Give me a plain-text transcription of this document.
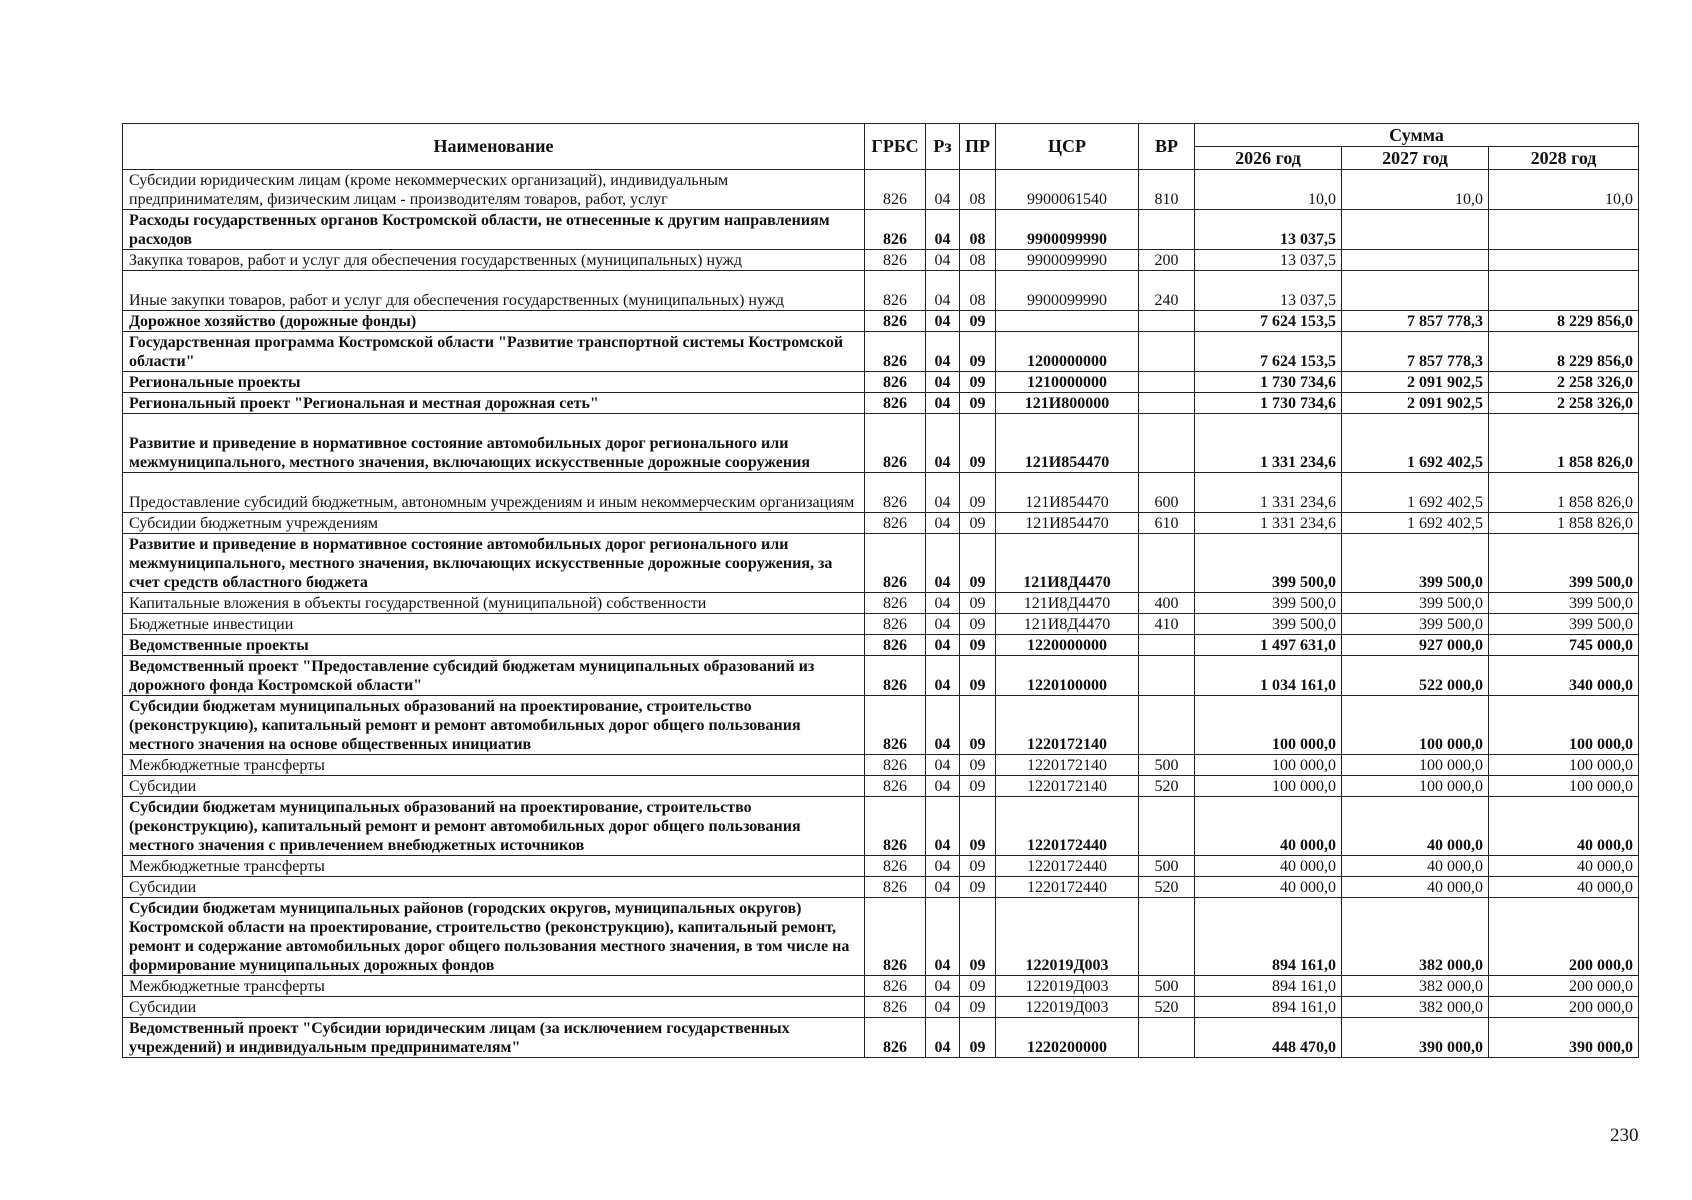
Наименование	ГРБС	Рз	ПР	ЦСР	ВР	Сумма		
						2026 год	2027 год	2028 год
Субсидии юридическим лицам (кроме некоммерческих организаций), индивидуальным предпринимателям, физическим лицам - производителям товаров, работ, услуг	826	04	08	9900061540	810	10,0	10,0	10,0
Расходы государственных органов Костромской области, не отнесенные к другим направлениям расходов	826	04	08	9900099990		13 037,5		
Закупка товаров, работ и услуг для обеспечения государственных (муниципальных) нужд	826	04	08	9900099990	200	13 037,5		
Иные закупки товаров, работ и услуг для обеспечения государственных (муниципальных) нужд	826	04	08	9900099990	240	13 037,5		
Дорожное хозяйство (дорожные фонды)	826	04	09			7 624 153,5	7 857 778,3	8 229 856,0
Государственная программа Костромской области "Развитие транспортной системы Костромской области"	826	04	09	1200000000		7 624 153,5	7 857 778,3	8 229 856,0
Региональные проекты	826	04	09	1210000000		1 730 734,6	2 091 902,5	2 258 326,0
Региональный проект "Региональная и местная дорожная сеть"	826	04	09	121И800000		1 730 734,6	2 091 902,5	2 258 326,0
Развитие и приведение в нормативное состояние автомобильных дорог регионального или межмуниципального, местного значения, включающих искусственные дорожные сооружения	826	04	09	121И854470		1 331 234,6	1 692 402,5	1 858 826,0
Предоставление субсидий бюджетным, автономным учреждениям и иным некоммерческим организациям	826	04	09	121И854470	600	1 331 234,6	1 692 402,5	1 858 826,0
Субсидии бюджетным учреждениям	826	04	09	121И854470	610	1 331 234,6	1 692 402,5	1 858 826,0
Развитие и приведение в нормативное состояние автомобильных дорог регионального или межмуниципального, местного значения, включающих искусственные дорожные сооружения, за счет средств областного бюджета	826	04	09	121И8Д4470		399 500,0	399 500,0	399 500,0
Капитальные вложения в объекты государственной (муниципальной) собственности	826	04	09	121И8Д4470	400	399 500,0	399 500,0	399 500,0
Бюджетные инвестиции	826	04	09	121И8Д4470	410	399 500,0	399 500,0	399 500,0
Ведомственные проекты	826	04	09	1220000000		1 497 631,0	927 000,0	745 000,0
Ведомственный проект "Предоставление субсидий бюджетам муниципальных образований из дорожного фонда Костромской области"	826	04	09	1220100000		1 034 161,0	522 000,0	340 000,0
Субсидии бюджетам муниципальных образований на проектирование, строительство (реконструкцию), капитальный ремонт и ремонт автомобильных дорог общего пользования местного значения на основе общественных инициатив	826	04	09	1220172140		100 000,0	100 000,0	100 000,0
Межбюджетные трансферты	826	04	09	1220172140	500	100 000,0	100 000,0	100 000,0
Субсидии	826	04	09	1220172140	520	100 000,0	100 000,0	100 000,0
Субсидии бюджетам муниципальных образований на проектирование, строительство (реконструкцию), капитальный ремонт и ремонт автомобильных дорог общего пользования местного значения с привлечением внебюджетных источников	826	04	09	1220172440		40 000,0	40 000,0	40 000,0
Межбюджетные трансферты	826	04	09	1220172440	500	40 000,0	40 000,0	40 000,0
Субсидии	826	04	09	1220172440	520	40 000,0	40 000,0	40 000,0
Субсидии бюджетам муниципальных районов (городских округов, муниципальных округов) Костромской области на проектирование, строительство (реконструкцию), капитальный ремонт, ремонт и содержание автомобильных дорог общего пользования местного значения, в том числе на формирование муниципальных дорожных фондов	826	04	09	122019Д003		894 161,0	382 000,0	200 000,0
Межбюджетные трансферты	826	04	09	122019Д003	500	894 161,0	382 000,0	200 000,0
Субсидии	826	04	09	122019Д003	520	894 161,0	382 000,0	200 000,0
Ведомственный проект "Субсидии юридическим лицам (за исключением государственных учреждений) и индивидуальным предпринимателям"	826	04	09	1220200000		448 470,0	390 000,0	390 000,0
230
